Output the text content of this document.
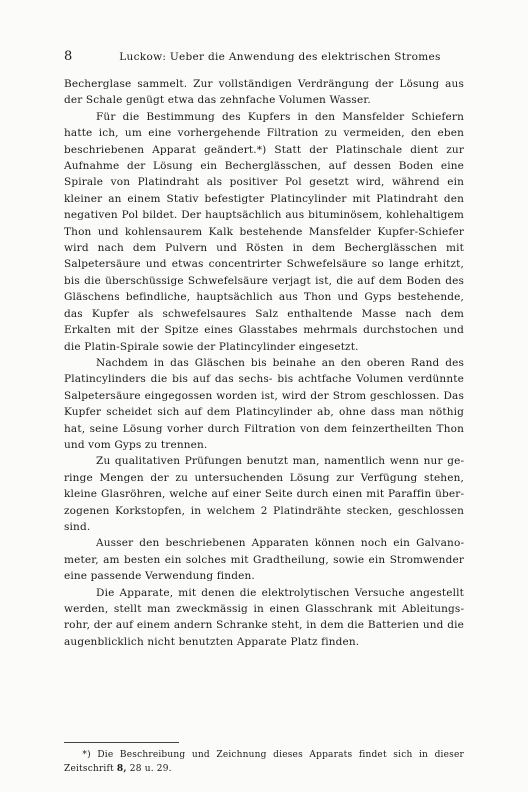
8	Luckow: Ueber die Anwendung des elektrischen Stromes

Becherglase sammelt. Zur vollständigen Verdrängung der Lösung aus der Schale genügt etwa das zehnfache Volumen Wasser.

Für die Bestimmung des Kupfers in den Mansfelder Schiefern hatte ich, um eine vorhergehende Filtration zu vermeiden, den eben beschriebenen Apparat geändert.*) Statt der Platinschale dient zur Aufnahme der Lösung ein Becherglässchen, auf dessen Boden eine Spirale von Platindraht als positiver Pol gesetzt wird, während ein kleiner an einem Stativ befestigter Platincylinder mit Platindraht den negativen Pol bildet. Der hauptsächlich aus bituminösem, kohlehaltigem Thon und kohlensaurem Kalk bestehende Mansfelder Kupfer-Schiefer wird nach dem Pulvern und Rösten in dem Becherglässchen mit Salpetersäure und etwas concentrirter Schwefelsäure so lange erhitzt, bis die überschüssige Schwefelsäure verjagt ist, die auf dem Boden des Gläschens befindliche, hauptsächlich aus Thon und Gyps bestehende, das Kupfer als schwefelsaures Salz enthaltende Masse nach dem Erkalten mit der Spitze eines Glasstabes mehrmals durchstochen und die Platin-Spirale sowie der Platincylinder eingesetzt.

Nachdem in das Gläschen bis beinahe an den oberen Rand des Platincylinders die bis auf das sechs- bis achtfache Volumen verdünnte Salpetersäure eingegossen worden ist, wird der Strom geschlossen. Das Kupfer scheidet sich auf dem Platincylinder ab, ohne dass man nöthig hat, seine Lösung vorher durch Filtration von dem feinzertheilten Thon und vom Gyps zu trennen.

Zu qualitativen Prüfungen benutzt man, namentlich wenn nur geringe Mengen der zu untersuchenden Lösung zur Verfügung stehen, kleine Glasröhren, welche auf einer Seite durch einen mit Paraffin überzogenen Korkstopfen, in welchem 2 Platindrähte stecken, geschlossen sind.

Ausser den beschriebenen Apparaten können noch ein Galvanometer, am besten ein solches mit Gradtheilung, sowie ein Stromwender eine passende Verwendung finden.

Die Apparate, mit denen die elektrolytischen Versuche angestellt werden, stellt man zweckmässig in einen Glasschrank mit Ableitungsrohr, der auf einem andern Schranke steht, in dem die Batterien und die augenblicklich nicht benutzten Apparate Platz finden.

  *) Die Beschreibung und Zeichnung dieses Apparats findet sich in dieser Zeitschrift 8, 28 u. 29.
